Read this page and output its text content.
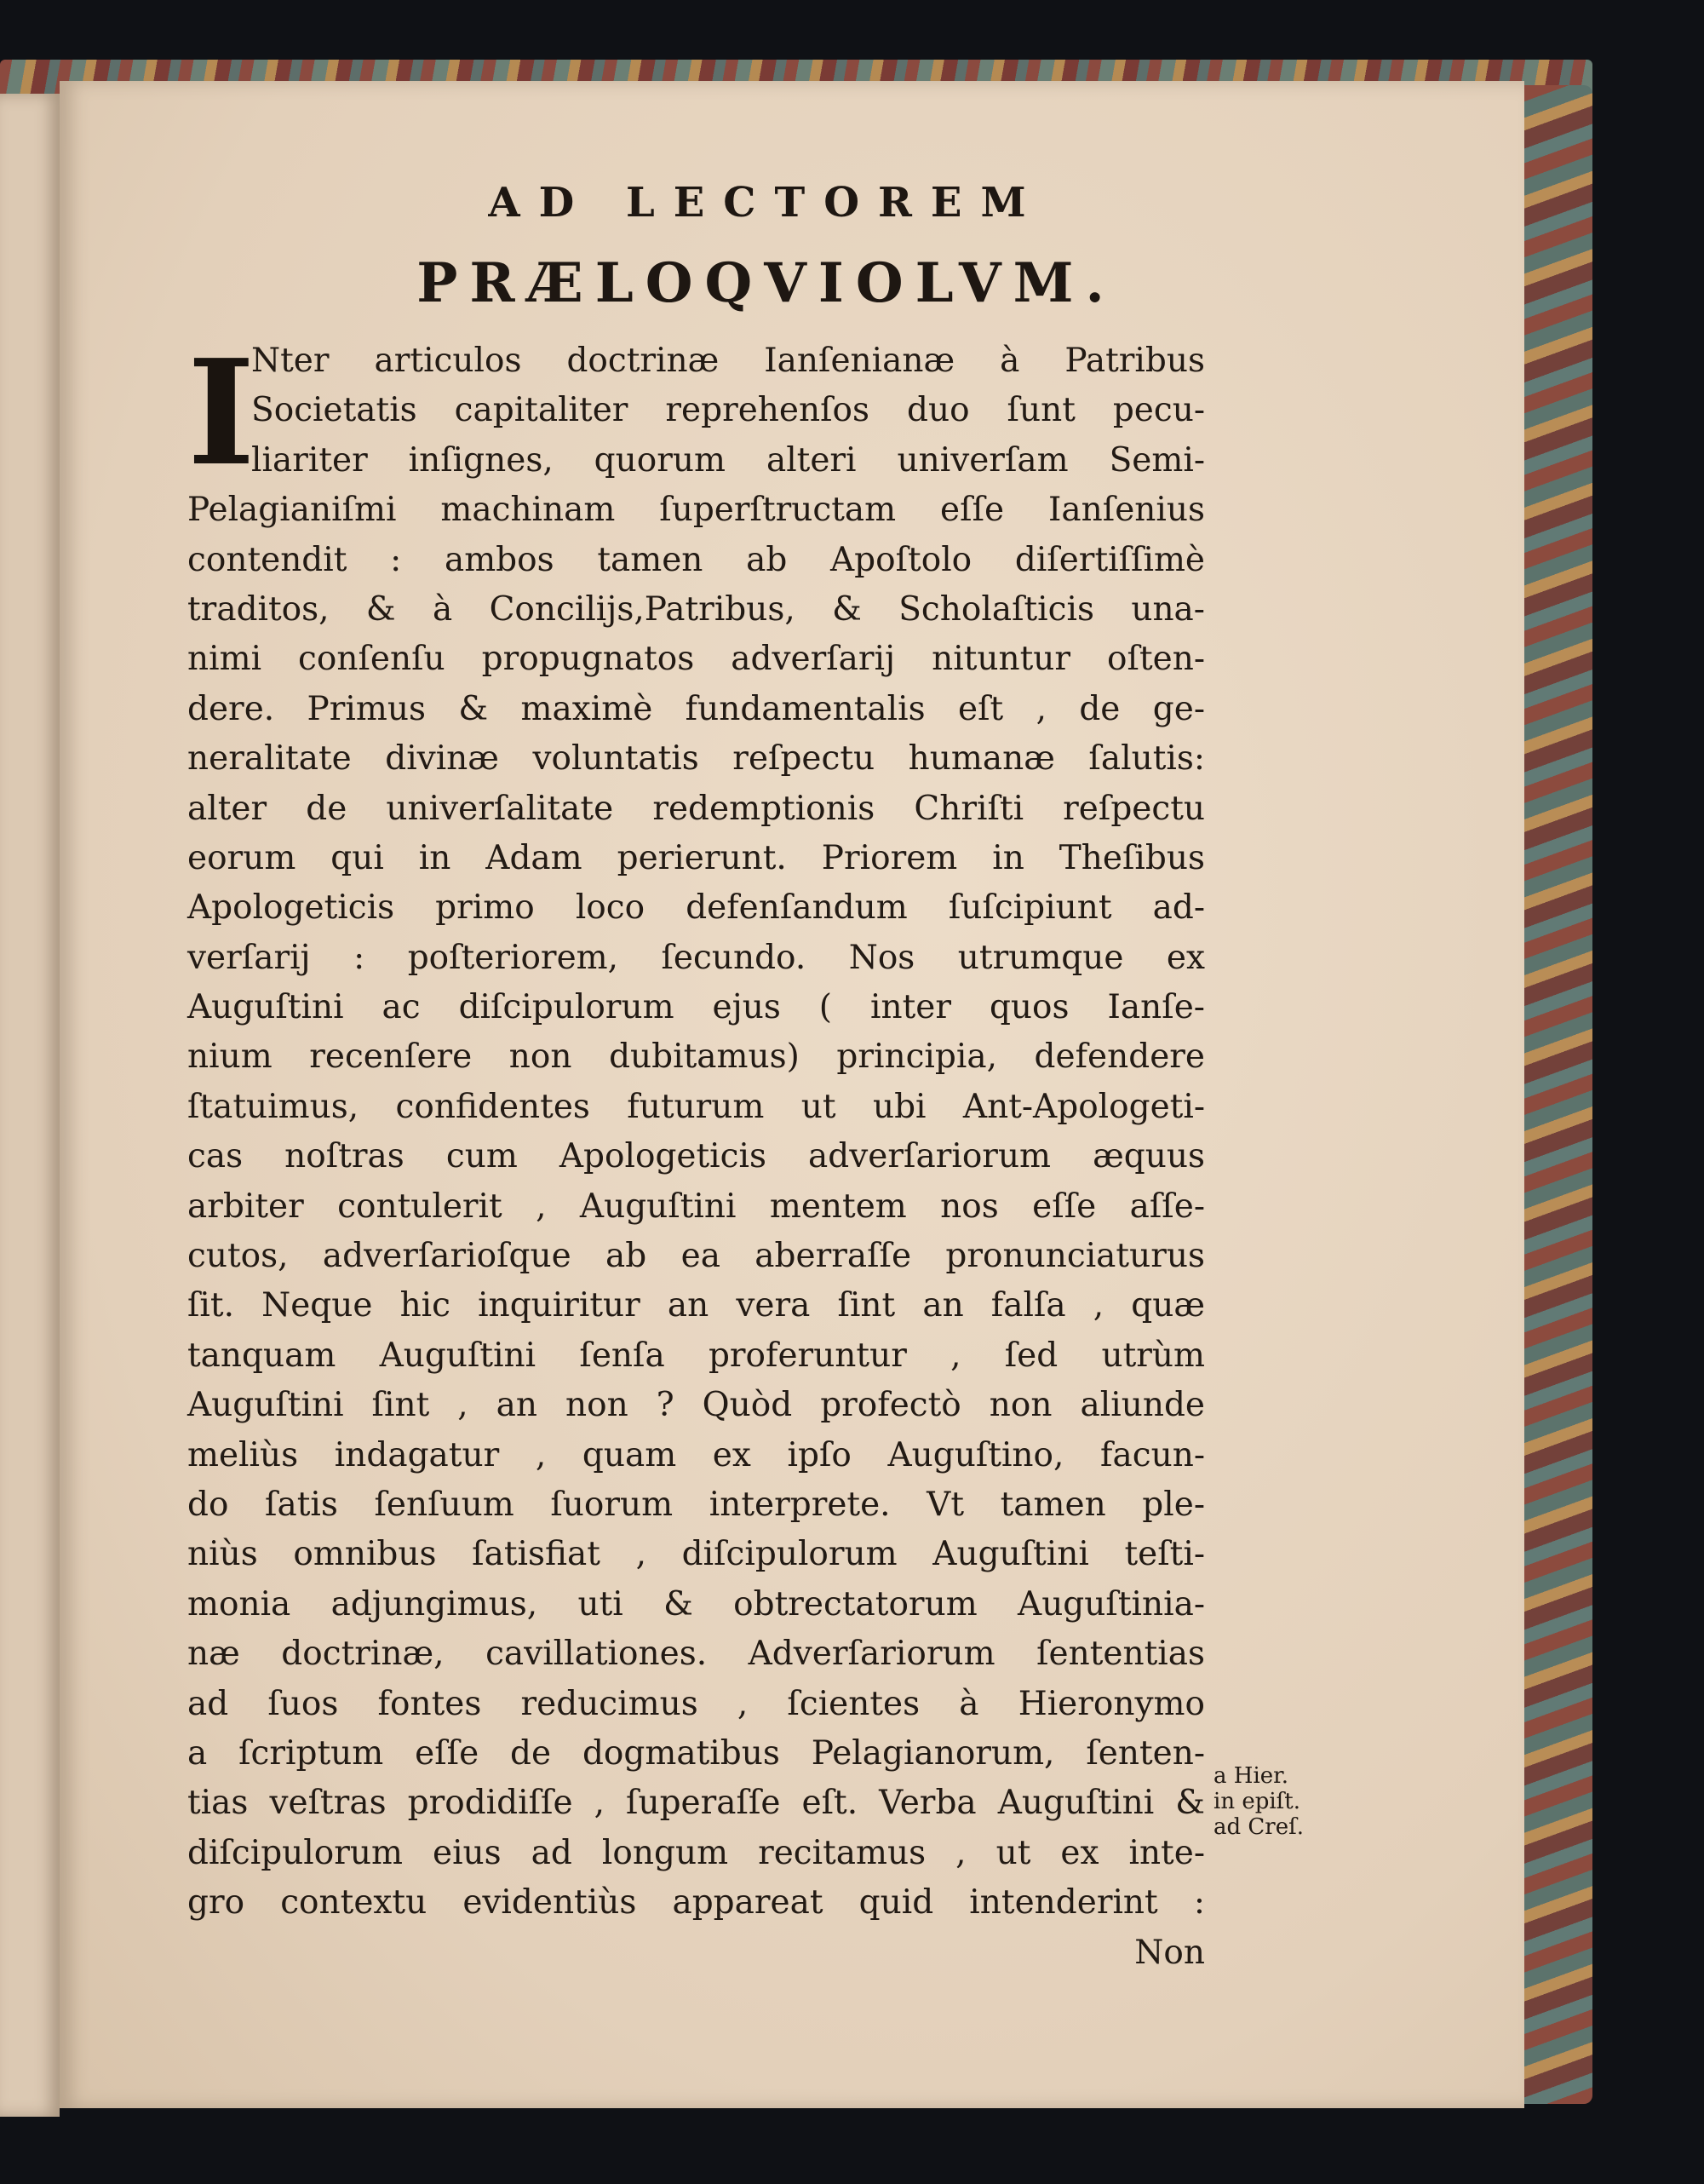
AD LECTOREM
PRÆLOQVIOLVM.
I
Nter articulos doctrinæ Ianſenianæ à Patribus
Societatis capitaliter reprehenſos duo ſunt pecu-
liariter inſignes, quorum alteri univerſam Semi-
Pelagianiſmi machinam ſuperſtructam eſſe Ianſenius
contendit : ambos tamen ab Apoſtolo diſertiſſimè
traditos, & à Concilijs,Patribus, & Scholaſticis una-
nimi conſenſu propugnatos adverſarij nituntur oſten-
dere. Primus & maximè fundamentalis eſt , de ge-
neralitate divinæ voluntatis reſpectu humanæ ſalutis:
alter de univerſalitate redemptionis Chriſti reſpectu
eorum qui in Adam perierunt. Priorem in Theſibus
Apologeticis primo loco defenſandum ſuſcipiunt ad-
verſarij : poſteriorem, ſecundo. Nos utrumque ex
Auguſtini ac diſcipulorum ejus ( inter quos Ianſe-
nium recenſere non dubitamus) principia, defendere
ſtatuimus, confidentes futurum ut ubi Ant-Apologeti-
cas noſtras cum Apologeticis adverſariorum æquus
arbiter contulerit , Auguſtini mentem nos eſſe aſſe-
cutos, adverſarioſque ab ea aberraſſe pronunciaturus
ſit. Neque hic inquiritur an vera ſint an falſa , quæ
tanquam Auguſtini ſenſa proferuntur , ſed utrùm
Auguſtini ſint , an non ? Quòd profectò non aliunde
meliùs indagatur , quam ex ipſo Auguſtino, facun-
do ſatis ſenſuum ſuorum interprete. Vt tamen ple-
niùs omnibus ſatisfiat , diſcipulorum Auguſtini teſti-
monia adjungimus, uti & obtrectatorum Auguſtinia-
næ doctrinæ, cavillationes. Adverſariorum ſententias
ad ſuos fontes reducimus , ſcientes à Hieronymo
a ſcriptum eſſe de dogmatibus Pelagianorum, ſenten-
tias veſtras prodidiſſe , ſuperaſſe eſt. Verba Auguſtini &
diſcipulorum eius ad longum recitamus , ut ex inte-
gro contextu evidentiùs appareat quid intenderint :
a Hier.
in epiſt.
ad Creſ.
Non
